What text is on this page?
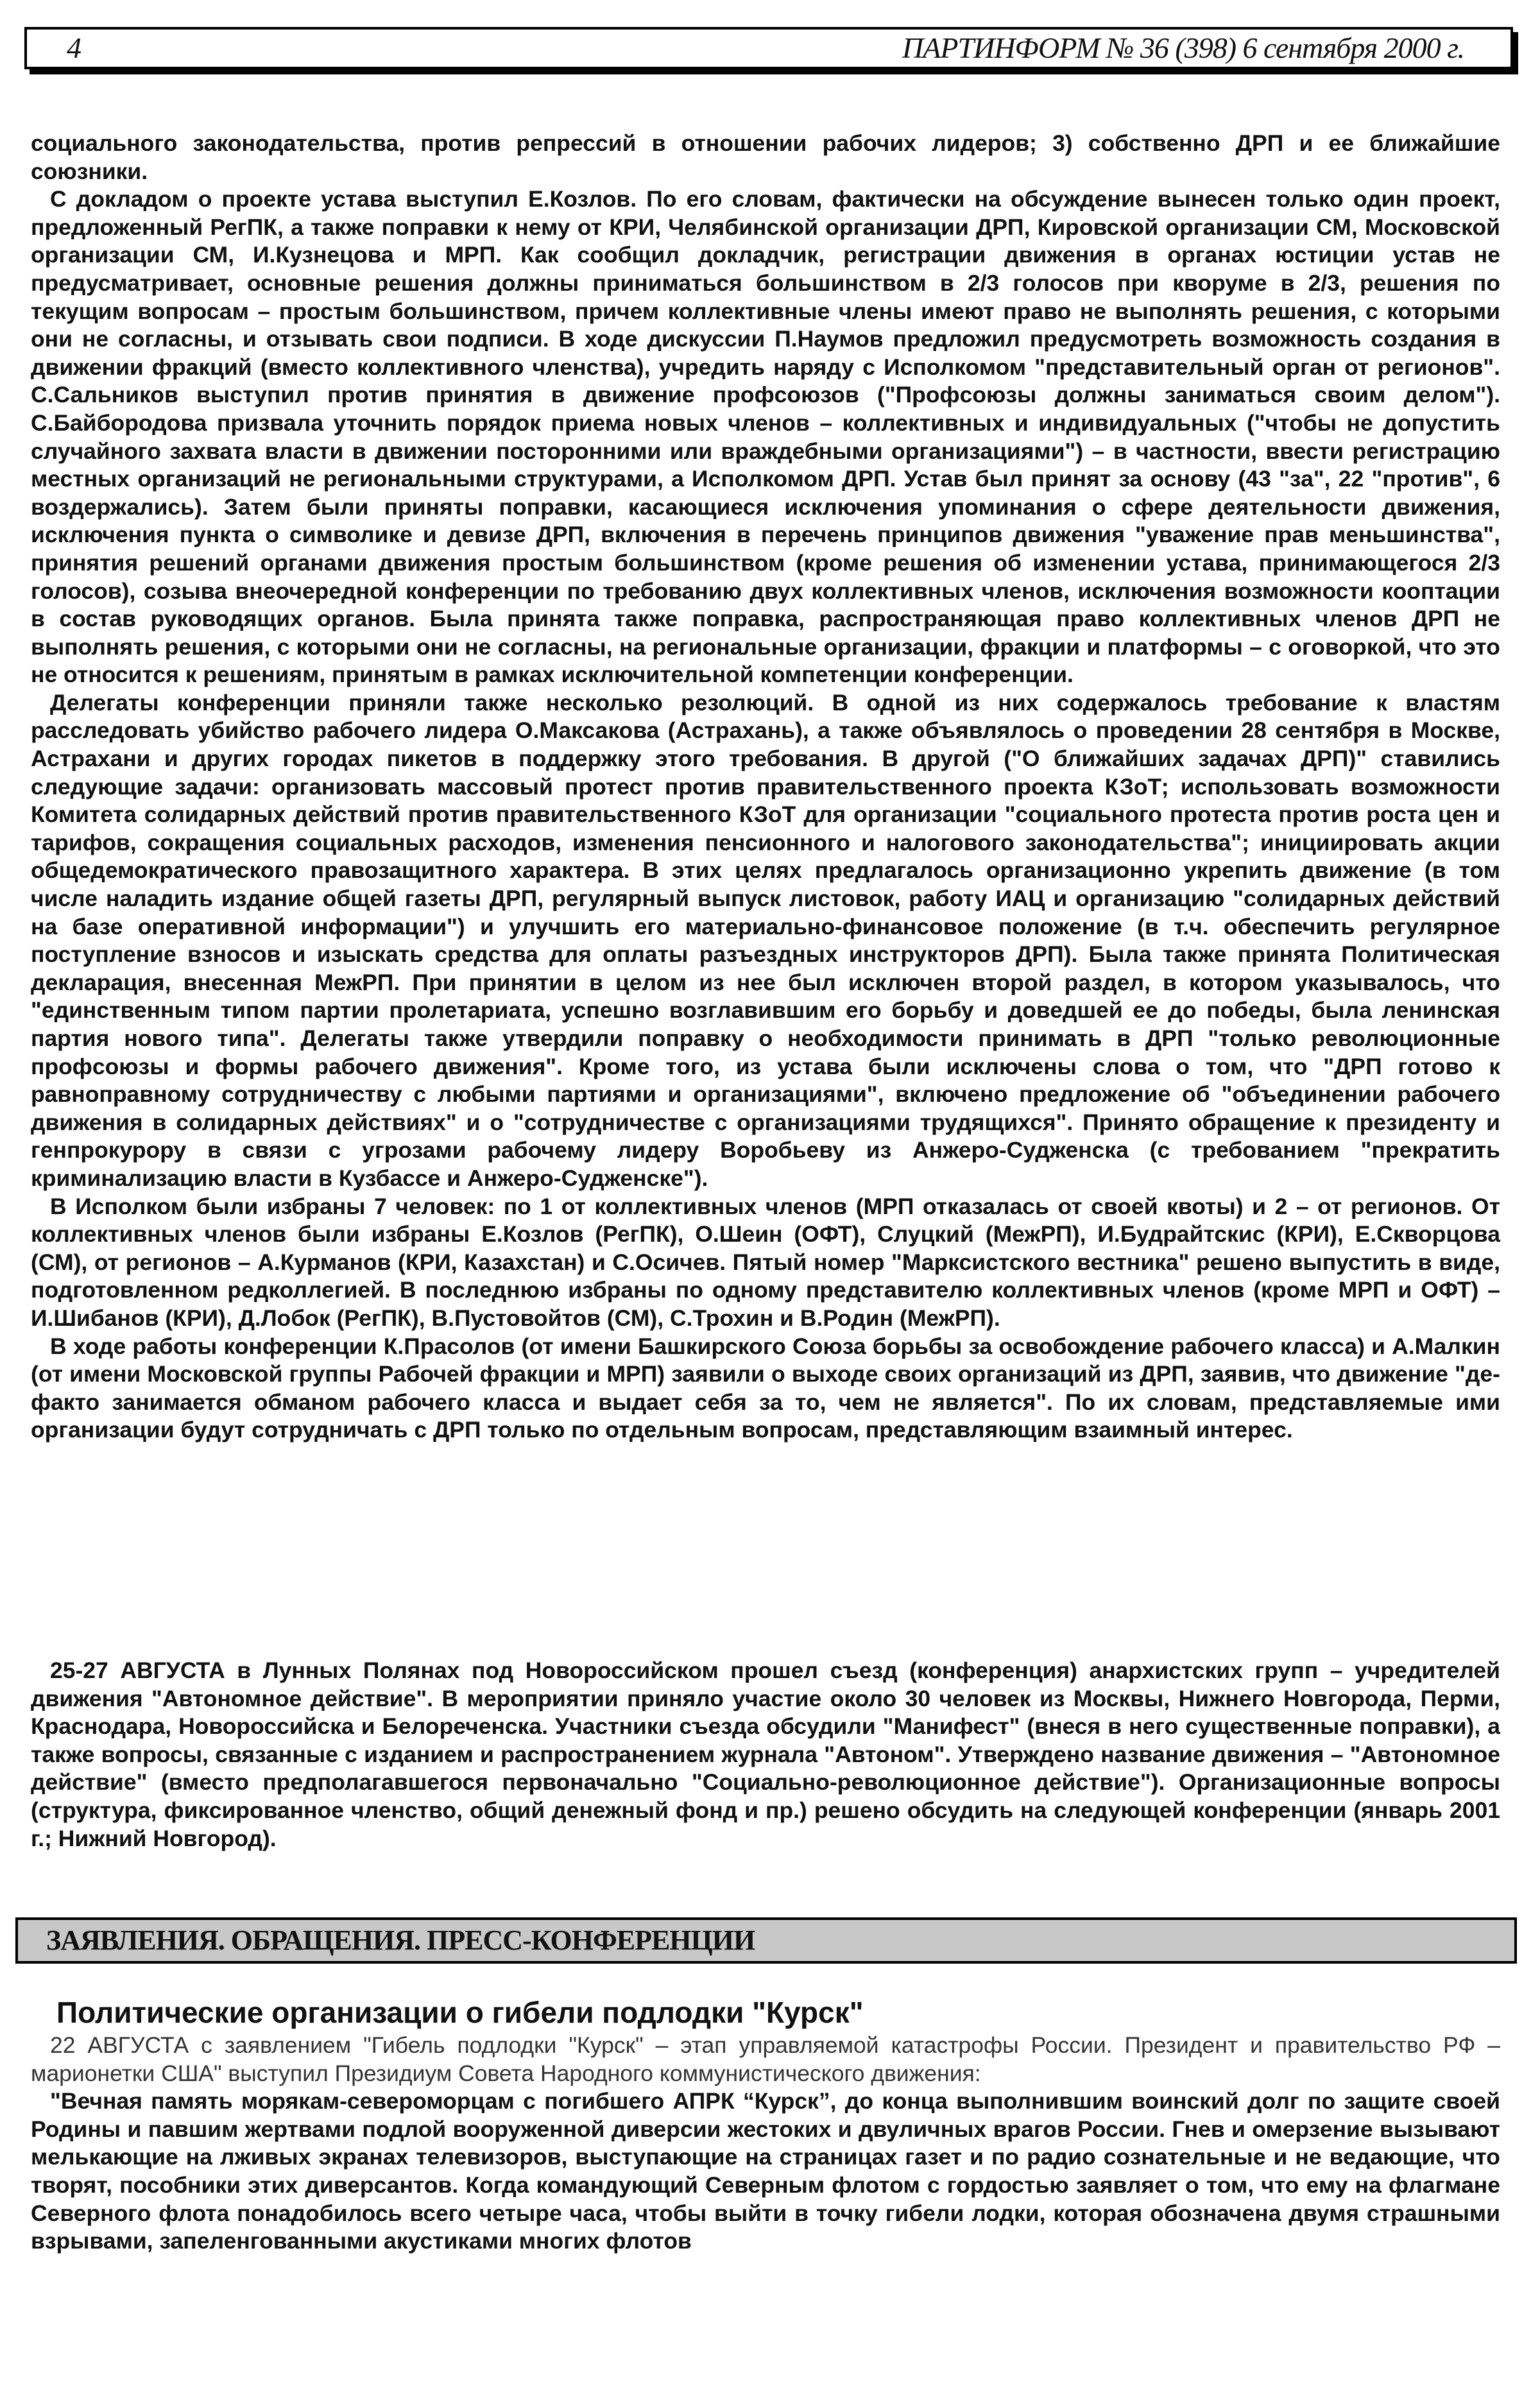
4	ПАРТИНФОРМ № 36 (398) 6 сентября 2000 г.

социального законодательства, против репрессий в отношении рабочих лидеров; 3) собственно ДРП и ее ближайшие союзники.

С докладом о проекте устава выступил Е.Козлов. По его словам, фактически на обсуждение вынесен только один проект, предложенный РегПК, а также поправки к нему от КРИ, Челябинской организации ДРП, Кировской организации СМ, Московской организации СМ, И.Кузнецова и МРП. Как сообщил докладчик, регистрации движения в органах юстиции устав не предусматривает, основные решения должны приниматься большинством в 2/3 голосов при кворуме в 2/3, решения по текущим вопросам – простым большинством, причем коллективные члены имеют право не выполнять решения, с которыми они не согласны, и отзывать свои подписи. В ходе дискуссии П.Наумов предложил предусмотреть возможность создания в движении фракций (вместо коллективного членства), учредить наряду с Исполкомом "представительный орган от регионов". С.Сальников выступил против принятия в движение профсоюзов ("Профсоюзы должны заниматься своим делом"). С.Байбородова призвала уточнить порядок приема новых членов – коллективных и индивидуальных ("чтобы не допустить случайного захвата власти в движении посторонними или враждебными организациями") – в частности, ввести регистрацию местных организаций не региональными структурами, а Исполкомом ДРП. Устав был принят за основу (43 "за", 22 "против", 6 воздержались). Затем были приняты поправки, касающиеся исключения упоминания о сфере деятельности движения, исключения пункта о символике и девизе ДРП, включения в перечень принципов движения "уважение прав меньшинства", принятия решений органами движения простым большинством (кроме решения об изменении устава, принимающегося 2/3 голосов), созыва внеочередной конференции по требованию двух коллективных членов, исключения возможности кооптации в состав руководящих органов. Была принята также поправка, распространяющая право коллективных членов ДРП не выполнять решения, с которыми они не согласны, на региональные организации, фракции и платформы – с оговоркой, что это не относится к решениям, принятым в рамках исключительной компетенции конференции.

Делегаты конференции приняли также несколько резолюций. В одной из них содержалось требование к властям расследовать убийство рабочего лидера О.Максакова (Астрахань), а также объявлялось о проведении 28 сентября в Москве, Астрахани и других городах пикетов в поддержку этого требования. В другой ("О ближайших задачах ДРП)" ставились следующие задачи: организовать массовый протест против правительственного проекта КЗоТ; использовать возможности Комитета солидарных действий против правительственного КЗоТ для организации "социального протеста против роста цен и тарифов, сокращения социальных расходов, изменения пенсионного и налогового законодательства"; инициировать акции общедемократического правозащитного характера. В этих целях предлагалось организационно укрепить движение (в том числе наладить издание общей газеты ДРП, регулярный выпуск листовок, работу ИАЦ и организацию "солидарных действий на базе оперативной информации") и улучшить его материально-финансовое положение (в т.ч. обеспечить регулярное поступление взносов и изыскать средства для оплаты разъездных инструкторов ДРП). Была также принята Политическая декларация, внесенная МежРП. При принятии в целом из нее был исключен второй раздел, в котором указывалось, что "единственным типом партии пролетариата, успешно возглавившим его борьбу и доведшей ее до победы, была ленинская партия нового типа". Делегаты также утвердили поправку о необходимости принимать в ДРП "только революционные профсоюзы и формы рабочего движения". Кроме того, из устава были исключены слова о том, что "ДРП готово к равноправному сотрудничеству с любыми партиями и организациями", включено предложение об "объединении рабочего движения в солидарных действиях" и о "сотрудничестве с организациями трудящихся". Принято обращение к президенту и генпрокурору в связи с угрозами рабочему лидеру Воробьеву из Анжеро-Судженска (с требованием "прекратить криминализацию власти в Кузбассе и Анжеро-Судженске").

В Исполком были избраны 7 человек: по 1 от коллективных членов (МРП отказалась от своей квоты) и 2 – от регионов. От коллективных членов были избраны Е.Козлов (РегПК), О.Шеин (ОФТ), Слуцкий (МежРП), И.Будрайтскис (КРИ), Е.Скворцова (СМ), от регионов – А.Курманов (КРИ, Казахстан) и С.Осичев. Пятый номер "Марксистского вестника" решено выпустить в виде, подготовленном редколлегией. В последнюю избраны по одному представителю коллективных членов (кроме МРП и ОФТ) – И.Шибанов (КРИ), Д.Лобок (РегПК), В.Пустовойтов (СМ), С.Трохин и В.Родин (МежРП).

В ходе работы конференции К.Прасолов (от имени Башкирского Союза борьбы за освобождение рабочего класса) и А.Малкин (от имени Московской группы Рабочей фракции и МРП) заявили о выходе своих организаций из ДРП, заявив, что движение "де-факто занимается обманом рабочего класса и выдает себя за то, чем не является". По их словам, представляемые ими организации будут сотрудничать с ДРП только по отдельным вопросам, представляющим взаимный интерес.

25-27 АВГУСТА в Лунных Полянах под Новороссийском прошел съезд (конференция) анархистских групп – учредителей движения "Автономное действие". В мероприятии приняло участие около 30 человек из Москвы, Нижнего Новгорода, Перми, Краснодара, Новороссийска и Белореченска. Участники съезда обсудили "Манифест" (внеся в него существенные поправки), а также вопросы, связанные с изданием и распространением журнала "Автоном". Утверждено название движения – "Автономное действие" (вместо предполагавшегося первоначально "Социально-революционное действие"). Организационные вопросы (структура, фиксированное членство, общий денежный фонд и пр.) решено обсудить на следующей конференции (январь 2001 г.; Нижний Новгород).

ЗАЯВЛЕНИЯ. ОБРАЩЕНИЯ. ПРЕСС-КОНФЕРЕНЦИИ
Политические организации о гибели подлодки "Курск"

22 АВГУСТА с заявлением "Гибель подлодки "Курск" – этап управляемой катастрофы России. Президент и правительство РФ – марионетки США" выступил Президиум Совета Народного коммунистического движения:

"Вечная память морякам-североморцам с погибшего АПРК “Курск”, до конца выполнившим воинский долг по защите своей Родины и павшим жертвами подлой вооруженной диверсии жестоких и двуличных врагов России. Гнев и омерзение вызывают мелькающие на лживых экранах телевизоров, выступающие на страницах газет и по радио сознательные и не ведающие, что творят, пособники этих диверсантов. Когда командующий Северным флотом с гордостью заявляет о том, что ему на флагмане Северного флота понадобилось всего четыре часа, чтобы выйти в точку гибели лодки, которая обозначена двумя страшными взрывами, запеленгованными акустиками многих флотов
